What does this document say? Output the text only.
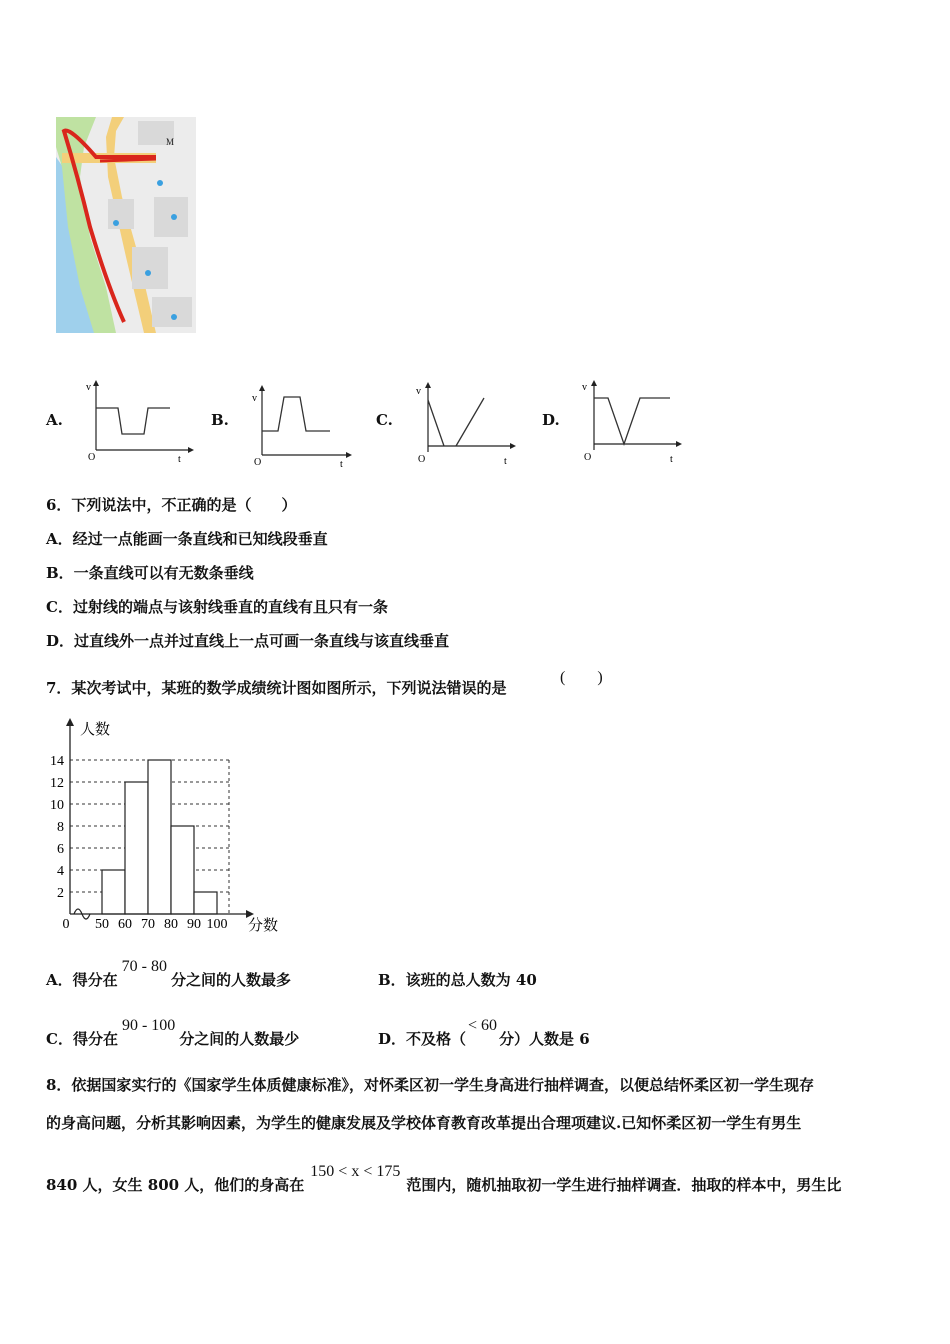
M
A.
v
t
O
B.
v
t
O
C.
v
t
O
D.
v
t
O
6．下列说法中，不正确的是（　　）
A．经过一点能画一条直线和已知线段垂直
B．一条直线可以有无数条垂线
C．过射线的端点与该射线垂直的直线有且只有一条
D．过直线外一点并过直线上一点可画一条直线与该直线垂直
7．某次考试中，某班的数学成绩统计图如图所示，下列说法错误的是
(　　)
人数
分数
2
4
6
8
10
12
14
0 50 60 70 80 90 100
A．得分在70 - 80分之间的人数最多	B．该班的总人数为 40
C．得分在90 - 100分之间的人数最少	D．不及格（< 60分）人数是 6
8．依据国家实行的《国家学生体质健康标准》，对怀柔区初一学生身高进行抽样调查，以便总结怀柔区初一学生现存
的身高问题，分析其影响因素，为学生的健康发展及学校体育教育改革提出合理项建议.已知怀柔区初一学生有男生
840 人，女生 800 人，他们的身高在150 < x < 175范围内，随机抽取初一学生进行抽样调查．抽取的样本中，男生比
